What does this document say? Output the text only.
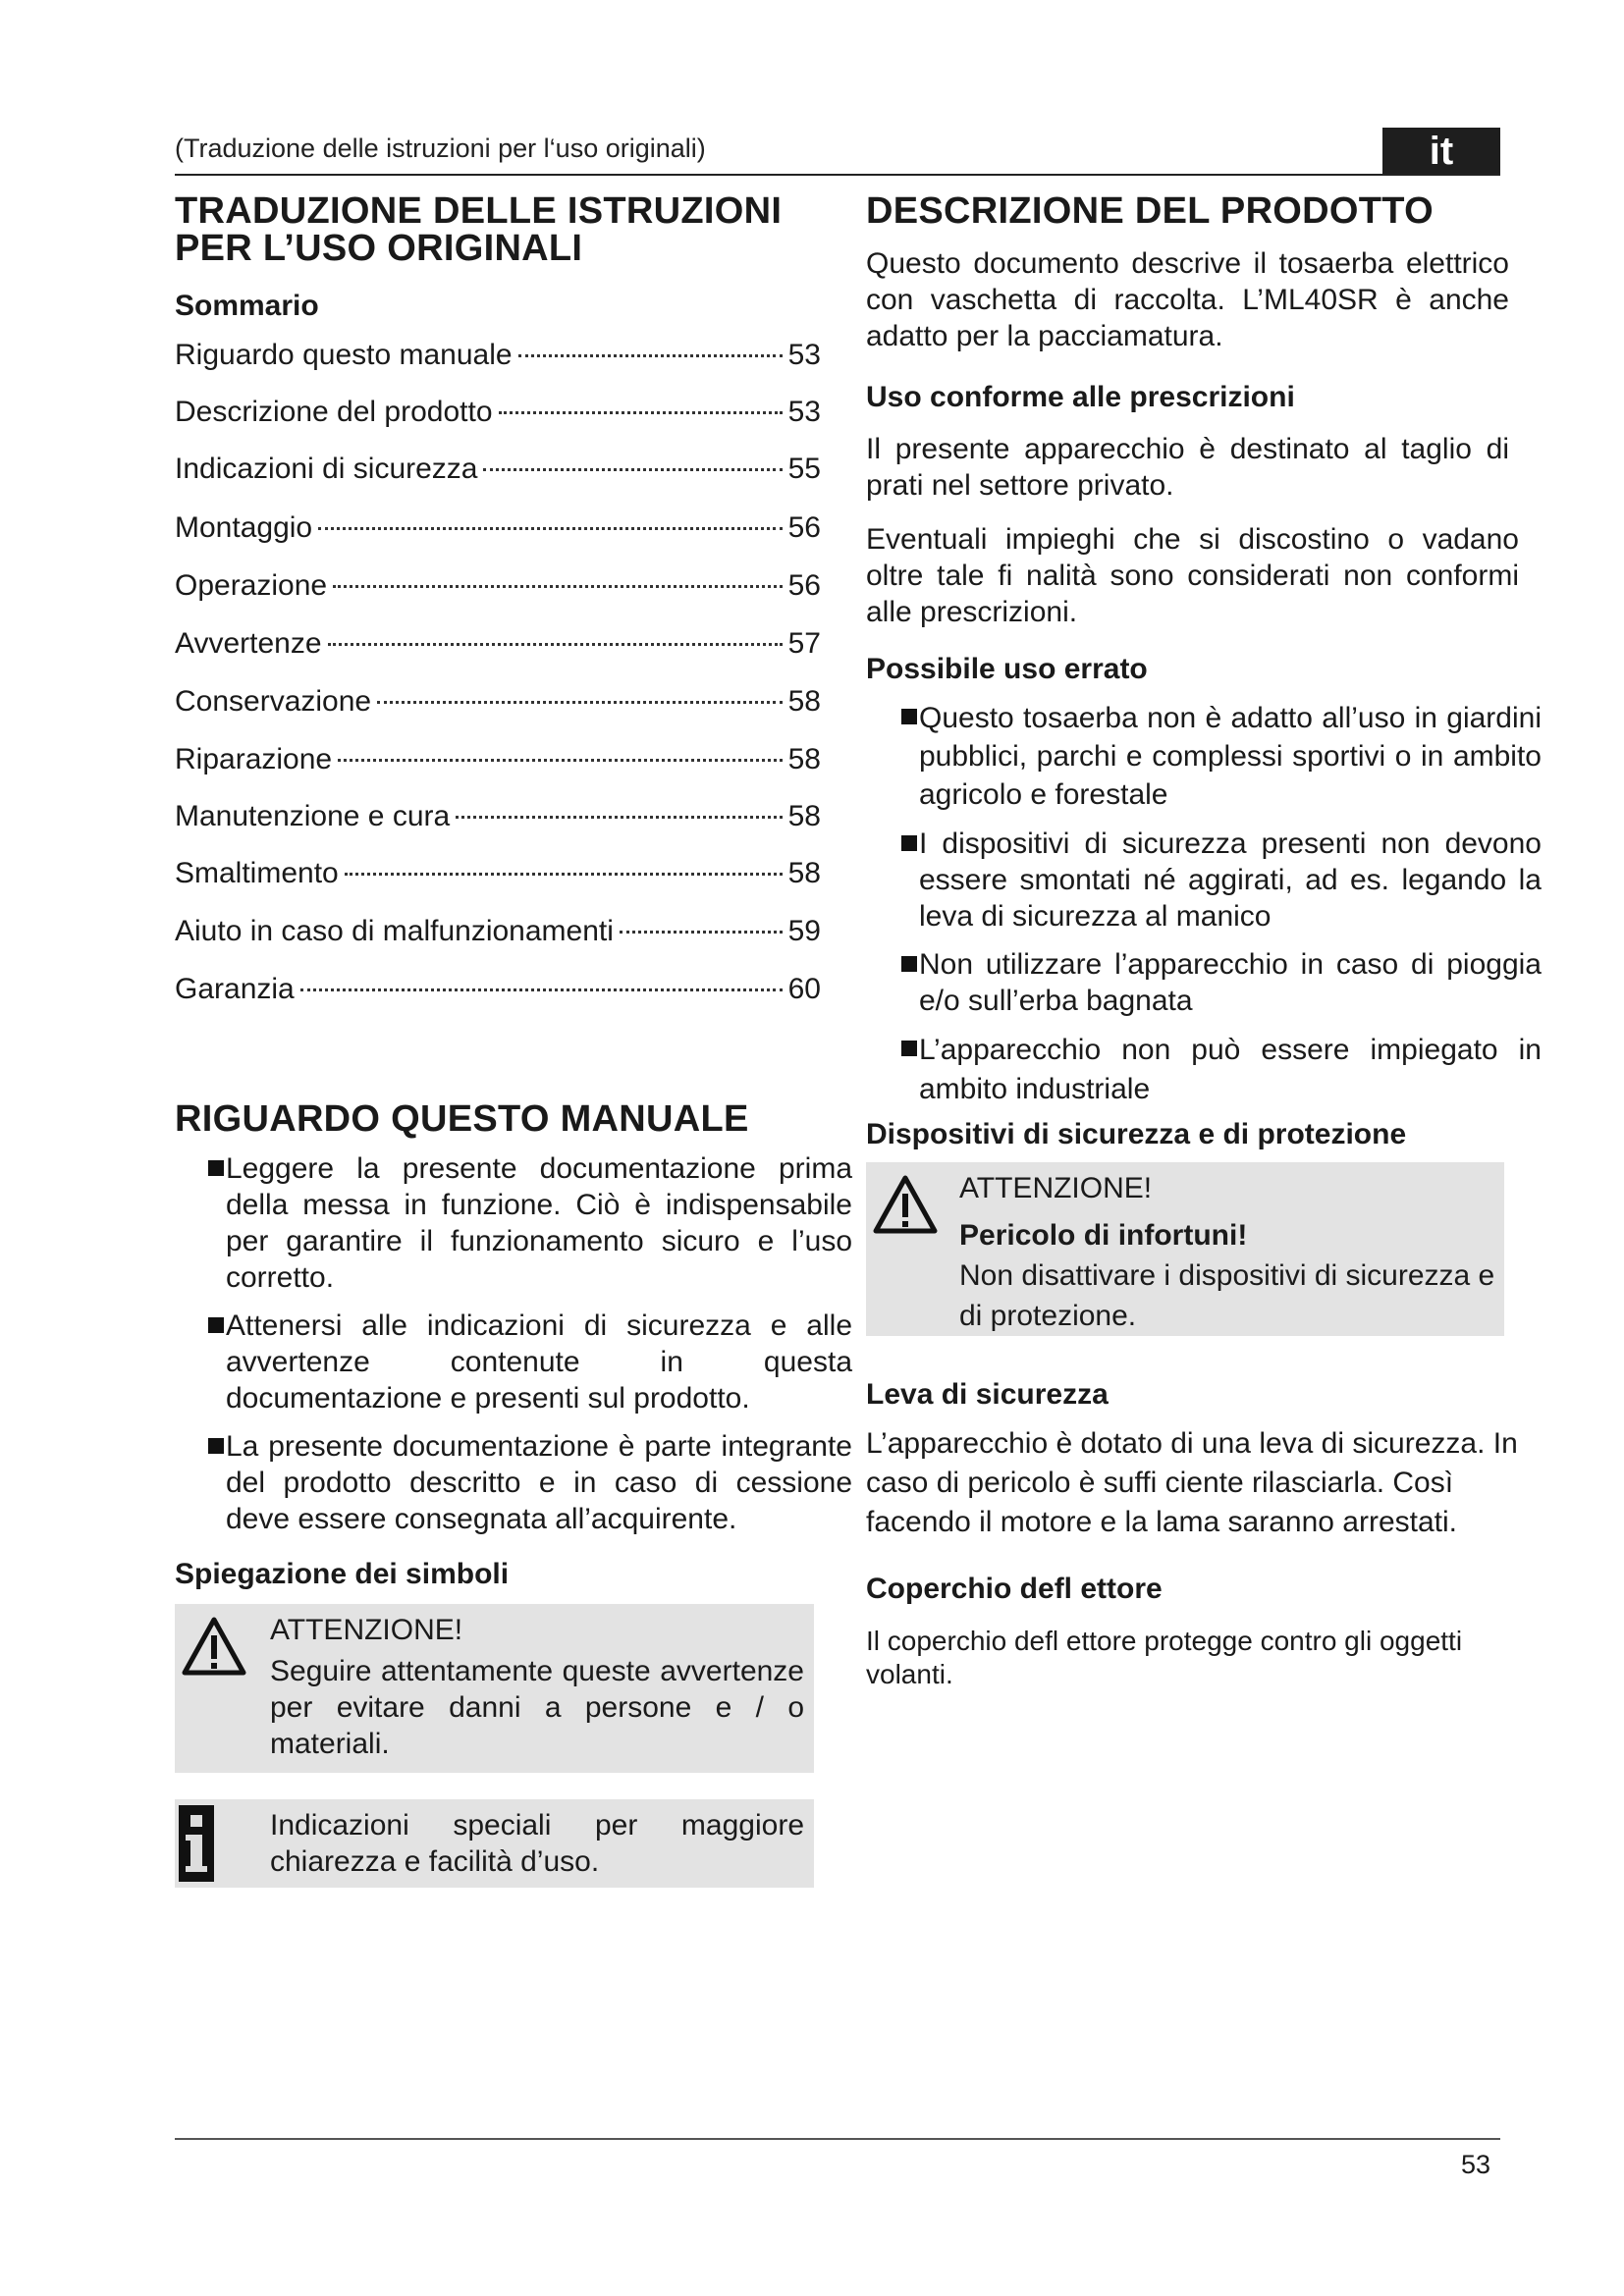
(Traduzione delle istruzioni per l‘uso originali)	it
TRADUZIONE DELLE ISTRUZIONI
PER L’USO ORIGINALI
Sommario
Riguardo questo manuale	53
Descrizione del prodotto	53
Indicazioni di sicurezza	55
Montaggio	56
Operazione	56
Avvertenze	57
Conservazione	58
Riparazione	58
Manutenzione e cura	58
Smaltimento	58
Aiuto in caso di malfunzionamenti	59
Garanzia	60
RIGUARDO QUESTO MANUALE
Leggere la presente documentazione prima della messa in funzione. Ciò è indispensabile per garantire il funzionamento sicuro e l’uso corretto.
Attenersi alle indicazioni di sicurezza e alle avvertenze contenute in questa documentazione e presenti sul prodotto.
La presente documentazione è parte integrante del prodotto descritto e in caso di cessione deve essere consegnata all’acquirente.
Spiegazione dei simboli
ATTENZIONE!
Seguire attentamente queste avvertenze per evitare danni a persone e / o materiali.
Indicazioni speciali per maggiore chiarezza e facilità d’uso.
DESCRIZIONE DEL PRODOTTO

Questo documento descrive il tosaerba elettrico con vaschetta di raccolta. L’ML40SR è anche adatto per la pacciamatura.

Uso conforme alle prescrizioni

Il presente apparecchio è destinato al taglio di prati nel settore privato.

Eventuali impieghi che si discostino o vadano oltre tale fi nalità sono considerati non conformi alle prescrizioni.

Possibile uso errato
Questo tosaerba non è adatto all’uso in giardini pubblici, parchi e complessi sportivi o in ambito agricolo e forestale
I dispositivi di sicurezza presenti non devono essere smontati né aggirati, ad es. legando la leva di sicurezza al manico
Non utilizzare l’apparecchio in caso di pioggia e/o sull’erba bagnata
L’apparecchio non può essere impiegato in ambito industriale
Dispositivi di sicurezza e di protezione
ATTENZIONE!
Pericolo di infortuni!
Non disattivare i dispositivi di sicurezza e di protezione.
Leva di sicurezza

L’apparecchio è dotato di una leva di sicurezza. In caso di pericolo è suffi ciente rilasciarla. Così facendo il motore e la lama saranno arrestati.

Coperchio defl ettore

Il coperchio defl ettore protegge contro gli oggetti volanti.

53
